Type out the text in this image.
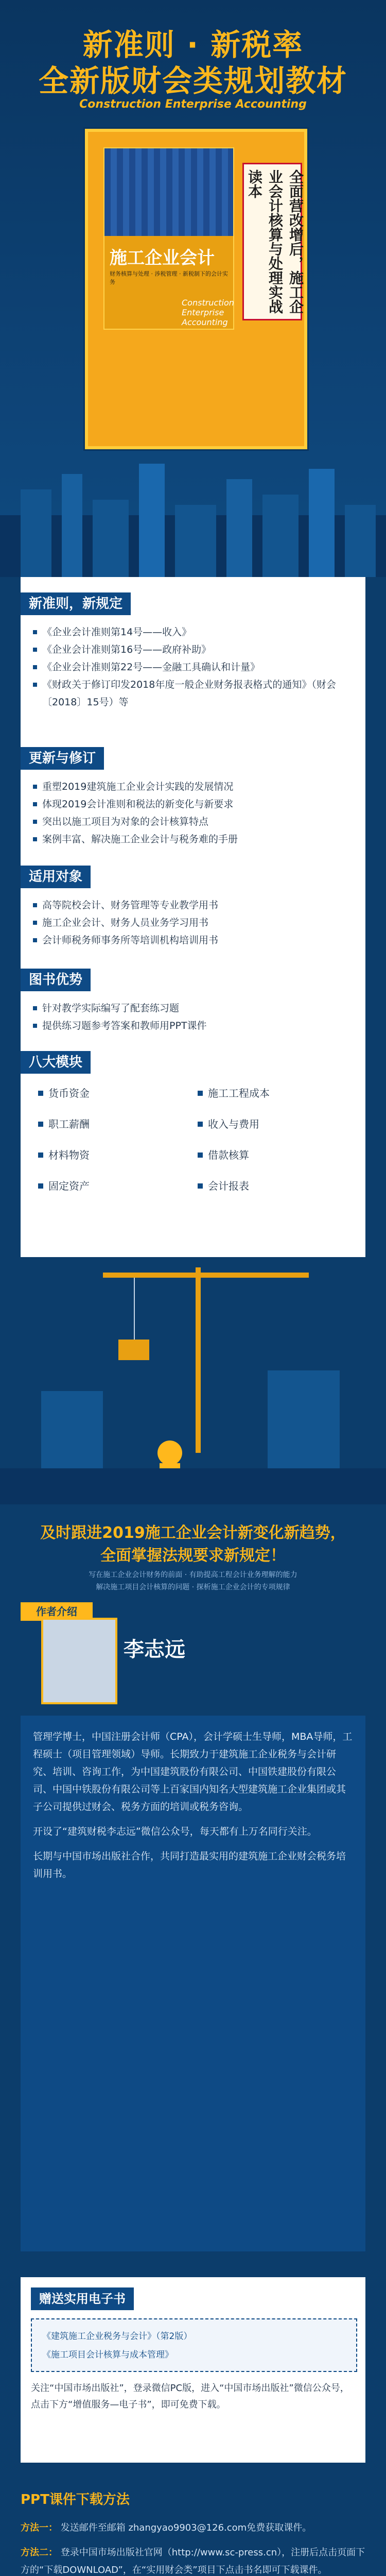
新准则 · 新税率
全新版财会类规划教材
Construction Enterprise Accounting
施工企业会计
财务核算与处理 · 涉税管理 · 新税制下的会计实务
Construction Enterprise Accounting
全面营改增后，施工企业会计核算与处理实战读本
新准则，新规定
《企业会计准则第14号——收入》
《企业会计准则第16号——政府补助》
《企业会计准则第22号——金融工具确认和计量》
《财政关于修订印发2018年度一般企业财务报表格式的通知》（财会〔2018〕15号）等
更新与修订
重塑2019建筑施工企业会计实践的发展情况
体现2019会计准则和税法的新变化与新要求
突出以施工项目为对象的会计核算特点
案例丰富、解决施工企业会计与税务难的手册
适用对象
高等院校会计、财务管理等专业教学用书
施工企业会计、财务人员业务学习用书
会计师税务师事务所等培训机构培训用书
图书优势
针对教学实际编写了配套练习题
提供练习题参考答案和教师用PPT课件
八大模块
货币资金	施工工程成本
职工薪酬	收入与费用
材料物资	借款核算
固定资产	会计报表
及时跟进2019施工企业会计新变化新趋势，
全面掌握法规要求新规定！
写在施工企业会计财务的前面 · 有助提高工程会计业务理解的能力
解决施工项目会计核算的问题 · 探析施工企业会计的专项规律
作者介绍
李志远

管理学博士，中国注册会计师（CPA），会计学硕士生导师，MBA导师，工程硕士（项目管理领域）导师。长期致力于建筑施工企业税务与会计研究、培训、咨询工作，为中国建筑股份有限公司、中国铁建股份有限公司、中国中铁股份有限公司等上百家国内知名大型建筑施工企业集团或其子公司提供过财会、税务方面的培训或税务咨询。

开设了“建筑财税李志远”微信公众号，每天都有上万名同行关注。

长期与中国市场出版社合作，共同打造最实用的建筑施工企业财会税务培训用书。

赠送实用电子书
《建筑施工企业税务与会计》（第2版）
《施工项目会计核算与成本管理》
关注“中国市场出版社”，登录微信PC版，进入“中国市场出版社”微信公众号，点击下方“增值服务—电子书”，即可免费下载。
PPT课件下载方法
方法一： 发送邮件至邮箱 zhangyao9903@126.com免费获取课件。
方法二： 登录中国市场出版社官网（http://www.sc-press.cn），注册后点击页面下方的“下载DOWNLOAD”，在“实用财会类”项目下点击书名即可下载课件。
